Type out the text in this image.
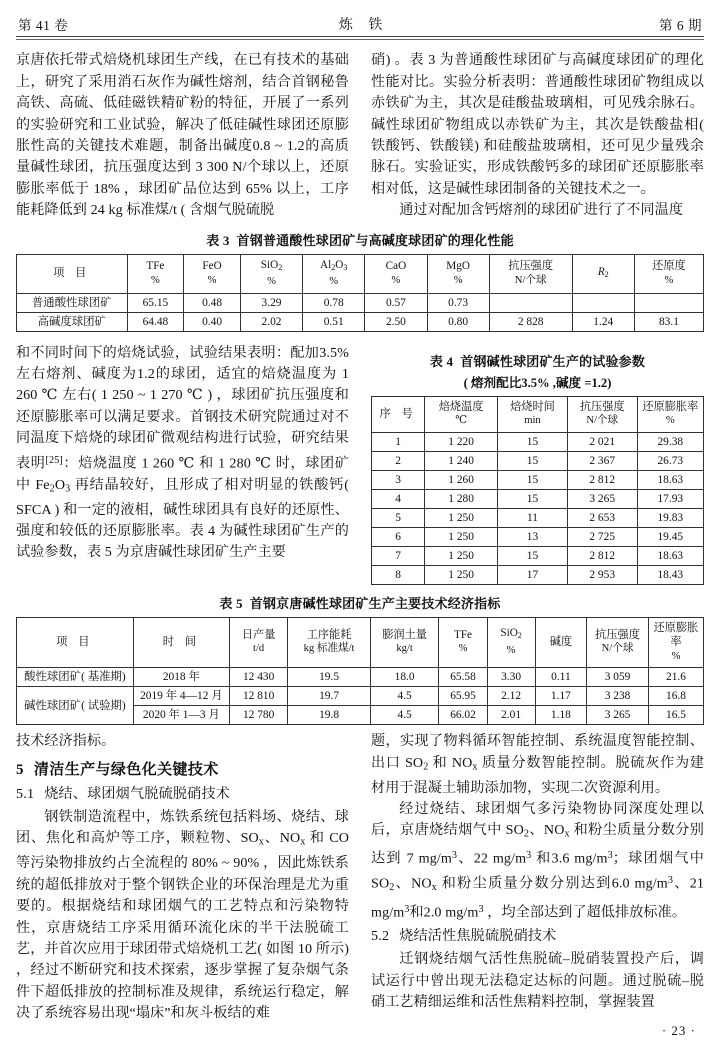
第 41 卷	炼 铁	第 6 期

京唐依托带式焙烧机球团生产线，在已有技术的基础上，研究了采用消石灰作为碱性熔剂，结合首钢秘鲁高铁、高硫、低硅磁铁精矿粉的特征，开展了一系列的实验研究和工业试验，解决了低硅碱性球团还原膨胀性高的关键技术难题，制备出碱度0.8 ~ 1.2的高质量碱性球团，抗压强度达到 3 300 N/个球以上，还原膨胀率低于 18% ，球团矿品位达到 65% 以上，工序能耗降低到 24 kg 标准煤/t ( 含烟气脱硫脱

硝) 。表 3 为普通酸性球团矿与高碱度球团矿的理化性能对比。实验分析表明：普通酸性球团矿物组成以赤铁矿为主，其次是硅酸盐玻璃相，可见残余脉石。碱性球团矿物组成以赤铁矿为主，其次是铁酸盐相( 铁酸钙、铁酸镁) 和硅酸盐玻璃相，还可见少量残余脉石。实验证实，形成铁酸钙多的球团矿还原膨胀率相对低，这是碱性球团制备的关键技术之一。

通过对配加含钙熔剂的球团矿进行了不同温度

表 3 首钢普通酸性球团矿与高碱度球团矿的理化性能
项 目	TFe
%	FeO
%	SiO$_2$
%	$Al_2O_3$
%	CaO
%	MgO
%	抗压强度
N/个球	$R_2$	还原度
%

普通酸性球团矿	65.15	0.48	3.29	0.78	0.57	0.73			
高碱度球团矿	64.48	0.40	2.02	0.51	2.50	0.80	2 828	1.24	83.1

和不同时间下的焙烧试验，试验结果表明：配加3.5% 左右熔剂、碱度为1.2的球团，适宜的焙烧温度为 1 260 ℃ 左右( 1 250 ~ 1 270 ℃ ) ，球团矿抗压强度和还原膨胀率可以满足要求。首钢技术研究院通过对不同温度下焙烧的球团矿微观结构进行试验，研究结果表明[25]：焙烧温度 1 260 ℃ 和 1 280 ℃ 时，球团矿中 $Fe_2O_3$ 再结晶较好，且形成了相对明显的铁酸钙( SFCA ) 和一定的液相，碱性球团具有良好的还原性、强度和较低的还原膨胀率。表 4 为碱性球团矿生产的试验参数，表 5 为京唐碱性球团矿生产主要

表 4 首钢碱性球团矿生产的试验参数
( 熔剂配比3.5% ,碱度 =1.2)
序 号	焙烧温度
℃	焙烧时间
min	抗压强度
N/个球	还原膨胀率
%

1	1 220	15	2 021	29.38
2	1 240	15	2 367	26.73
3	1 260	15	2 812	18.63
4	1 280	15	3 265	17.93
5	1 250	11	2 653	19.83
6	1 250	13	2 725	19.45
7	1 250	15	2 812	18.63
8	1 250	17	2 953	18.43
表 5 首钢京唐碱性球团矿生产主要技术经济指标
项 目	时 间	日产量
t/d	工序能耗
kg 标准煤/t	膨润土量
kg/t	TFe
%	SiO$_2$
%	碱度	抗压强度
N/个球	还原膨胀率
%

酸性球团矿( 基准期)	2018 年	12 430	19.5	18.0	65.58	3.30	0.11	3 059	21.6
碱性球团矿( 试验期)	2019 年 4—12 月	12 810	19.7	4.5	65.95	2.12	1.17	3 238	16.8
	2020 年 1—3 月	12 780	19.8	4.5	66.02	2.01	1.18	3 265	16.5

技术经济指标。

5 清洁生产与绿色化关键技术
5.1 烧结、球团烟气脱硫脱硝技术

钢铁制造流程中，炼铁系统包括料场、烧结、球团、焦化和高炉等工序，颗粒物、$SO_x$、$NO_x$ 和 CO 等污染物排放约占全流程的 80% ~ 90% ，因此炼铁系统的超低排放对于整个钢铁企业的环保治理是尤为重要的。根据烧结和球团烟气的工艺特点和污染物特性，京唐烧结工序采用循环流化床的半干法脱硫工艺，并首次应用于球团带式焙烧机工艺( 如图 10 所示) ，经过不断研究和技术探索，逐步掌握了复杂烟气条件下超低排放的控制标准及规律，系统运行稳定，解决了系统容易出现“塌床”和灰斗板结的难

题，实现了物料循环智能控制、系统温度智能控制、出口 $SO_2$ 和 $NO_x$ 质量分数智能控制。脱硫灰作为建材用于混凝土辅助添加物，实现二次资源利用。

经过烧结、球团烟气多污染物协同深度处理以后，京唐烧结烟气中 $SO_2$、$NO_x$ 和粉尘质量分数分别达到 7 $mg/m^3$、22 $mg/m^3$ 和3.6 $mg/m^3$；球团烟气中 $SO_2$、$NO_x$ 和粉尘质量分数分别达到6.0 $mg/m^3$、21 $mg/m^3$和2.0 $mg/m^3$ ，均全部达到了超低排放标准。

5.2 烧结活性焦脱硫脱硝技术

迁钢烧结烟气活性焦脱硫–脱硝装置投产后，调试运行中曾出现无法稳定达标的问题。通过脱硫–脱硝工艺精细运维和活性焦精料控制，掌握装置

· 23 ·
